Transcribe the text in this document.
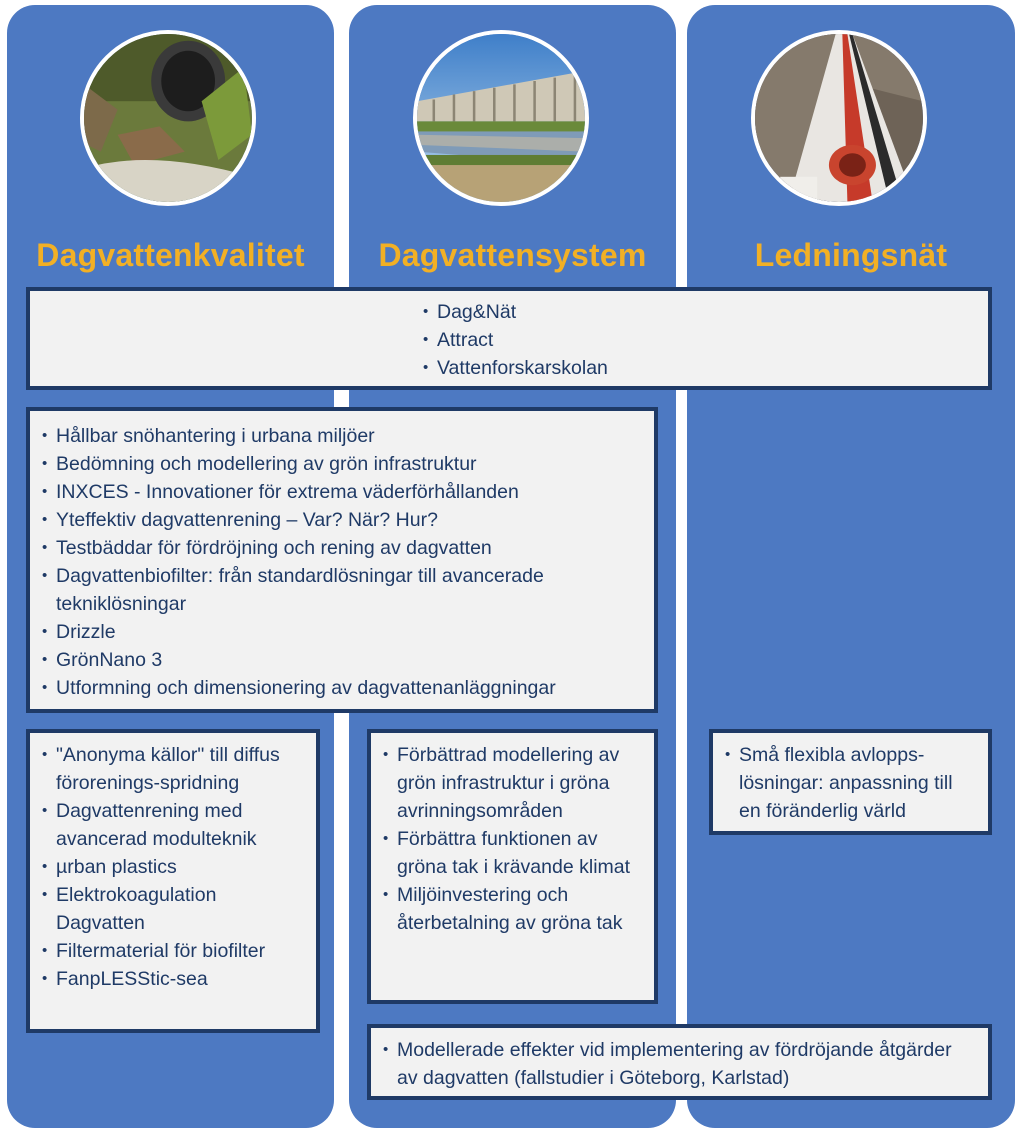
Dagvattenkvalitet	Dagvattensystem	Ledningsnät
• Dag&Nät
• Attract
• Vattenforskarskolan
• Hållbar snöhantering i urbana miljöer
• Bedömning och modellering av grön infrastruktur
• INXCES - Innovationer för extrema väderförhållanden
• Yteffektiv dagvattenrening – Var? När? Hur?
• Testbäddar för fördröjning och rening av dagvatten
• Dagvattenbiofilter: från standardlösningar till avancerade tekniklösningar
• Drizzle
• GrönNano 3
• Utformning och dimensionering av dagvattenanläggningar
• "Anonyma källor" till diffus förorenings-spridning
• Dagvattenrening med avancerad modulteknik
• µrban plastics
• Elektrokoagulation Dagvatten
• Filtermaterial för biofilter
• FanpLESStic-sea
• Förbättrad modellering av grön infrastruktur i gröna avrinningsområden
• Förbättra funktionen av gröna tak i krävande klimat
• Miljöinvestering och återbetalning av gröna tak
• Små flexibla avlopps-lösningar: anpassning till en föränderlig värld
• Modellerade effekter vid implementering av fördröjande åtgärder av dagvatten (fallstudier i Göteborg, Karlstad)
